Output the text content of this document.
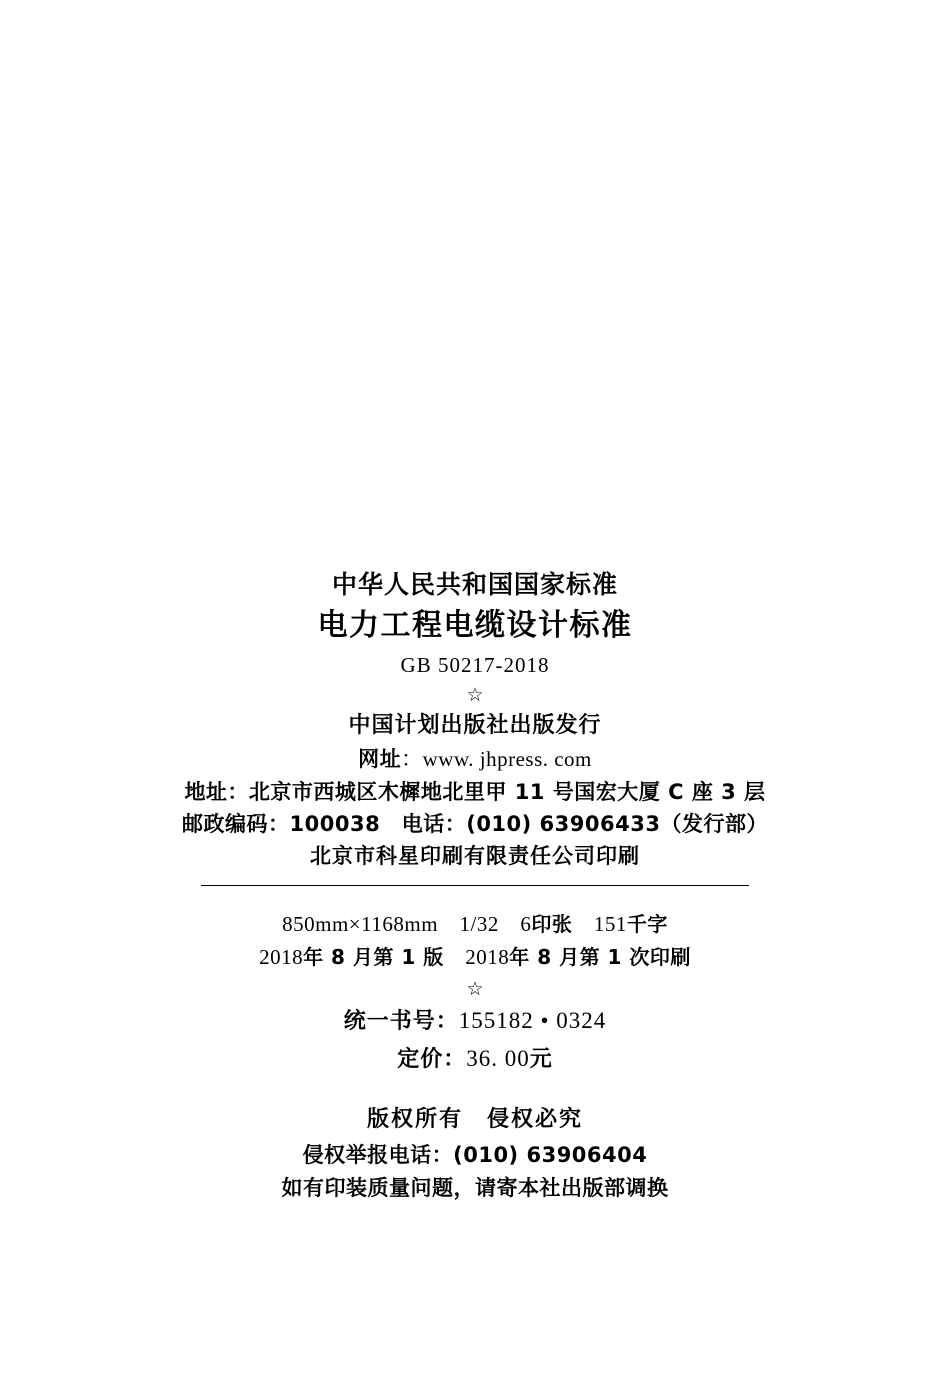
中华人民共和国国家标准
电力工程电缆设计标准
GB 50217-2018
☆
中国计划出版社出版发行
网址：www. jhpress. com
地址：北京市西城区木樨地北里甲 11 号国宏大厦 C 座 3 层
邮政编码：100038　电话：(010) 63906433（发行部）
北京市科星印刷有限责任公司印刷
850mm×1168mm　1/32　6印张　151千字
2018年 8 月第 1 版　2018年 8 月第 1 次印刷
☆
统一书号：155182 • 0324
定价：36. 00元
版权所有　侵权必究
侵权举报电话：(010) 63906404
如有印装质量问题，请寄本社出版部调换
